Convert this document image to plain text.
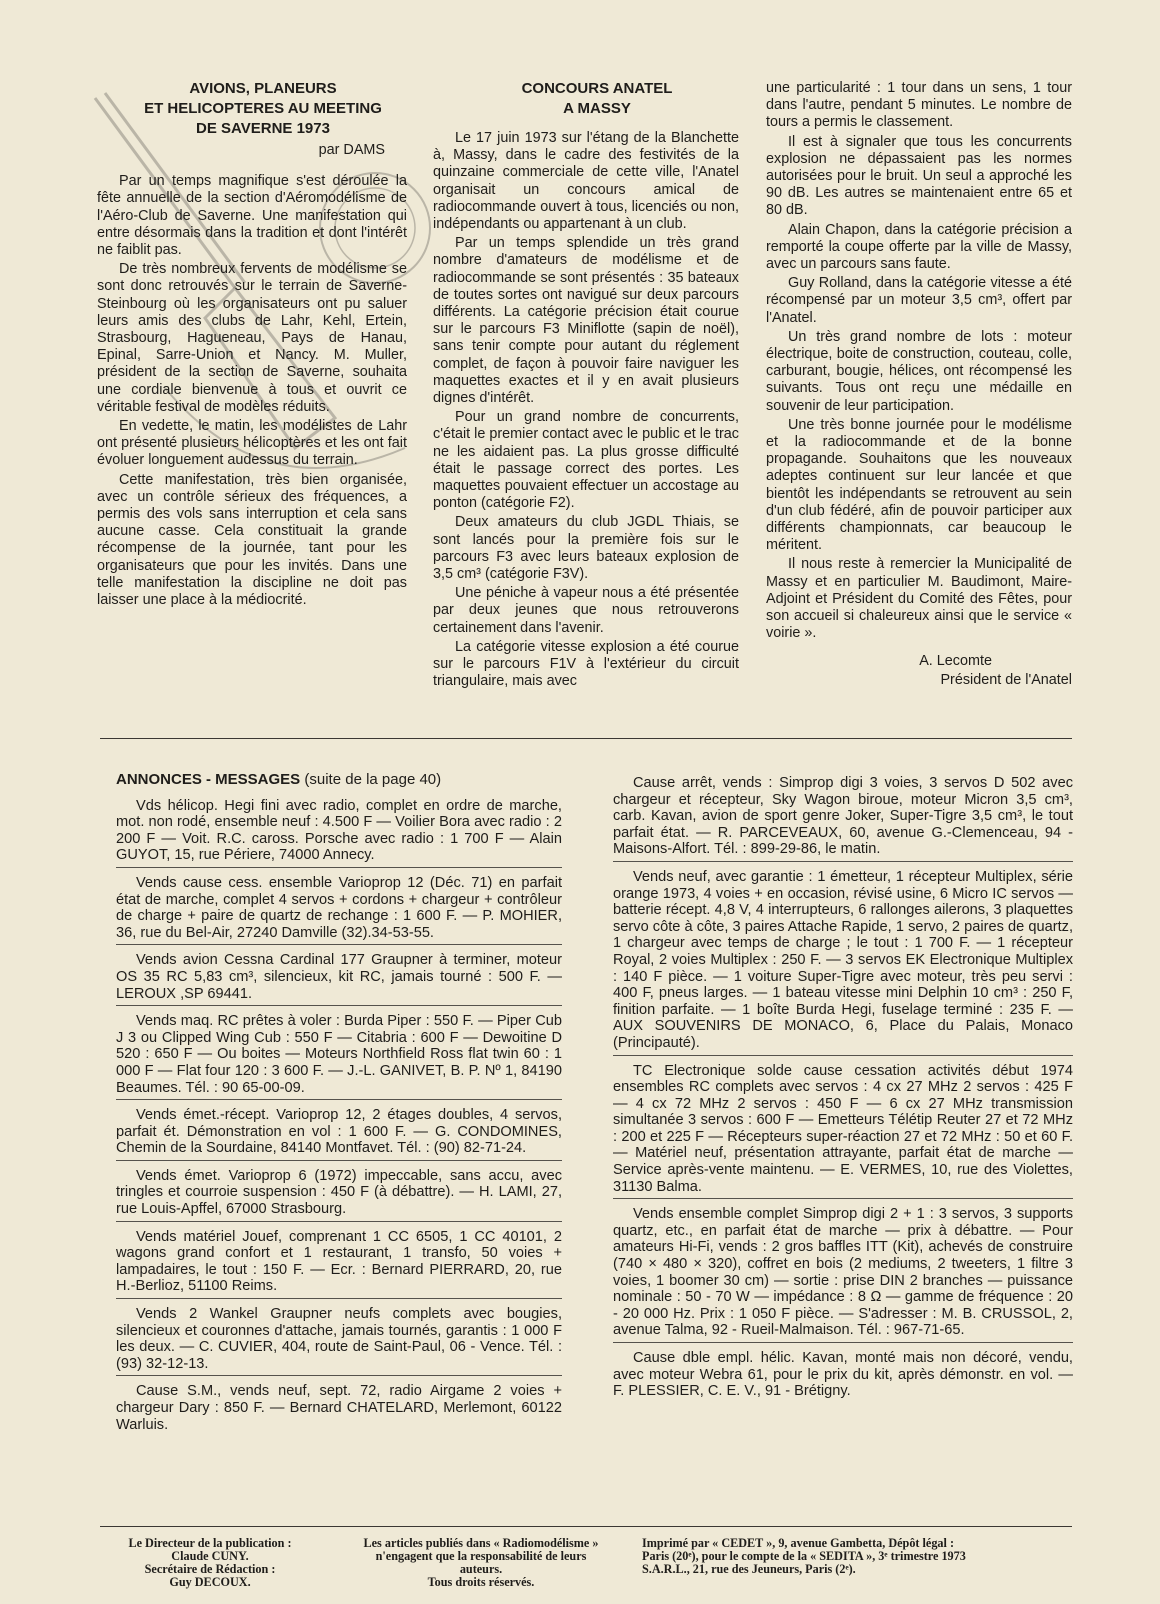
AVIONS, PLANEURS

ET HELICOPTERES AU MEETING

DE SAVERNE 1973

par DAMS

Par un temps magnifique s'est déroulée la fête annuelle de la section d'Aéromodélisme de l'Aéro-Club de Saverne. Une manifestation qui entre désormais dans la tradition et dont l'intérêt ne faiblit pas.

De très nombreux fervents de modélisme se sont donc retrouvés sur le terrain de Saverne-Steinbourg où les organisateurs ont pu saluer leurs amis des clubs de Lahr, Kehl, Ertein, Strasbourg, Hagueneau, Pays de Hanau, Epinal, Sarre-Union et Nancy. M. Muller, président de la section de Saverne, souhaita une cordiale bienvenue à tous et ouvrit ce véritable festival de modèles réduits.

En vedette, le matin, les modélistes de Lahr ont présenté plusieurs hélicoptères et les ont fait évoluer longuement audessus du terrain.

Cette manifestation, très bien organisée, avec un contrôle sérieux des fréquences, a permis des vols sans interruption et cela sans aucune casse. Cela constituait la grande récompense de la journée, tant pour les organisateurs que pour les invités. Dans une telle manifestation la discipline ne doit pas laisser une place à la médiocrité.

CONCOURS ANATEL

A MASSY

Le 17 juin 1973 sur l'étang de la Blanchette à, Massy, dans le cadre des festivités de la quinzaine commerciale de cette ville, l'Anatel organisait un concours amical de radiocommande ouvert à tous, licenciés ou non, indépendants ou appartenant à un club.

Par un temps splendide un très grand nombre d'amateurs de modélisme et de radiocommande se sont présentés : 35 bateaux de toutes sortes ont navigué sur deux parcours différents. La catégorie précision était courue sur le parcours F3 Miniflotte (sapin de noël), sans tenir compte pour autant du réglement complet, de façon à pouvoir faire naviguer les maquettes exactes et il y en avait plusieurs dignes d'intérêt.

Pour un grand nombre de concurrents, c'était le premier contact avec le public et le trac ne les aidaient pas. La plus grosse difficulté était le passage correct des portes. Les maquettes pouvaient effectuer un accostage au ponton (catégorie F2).

Deux amateurs du club JGDL Thiais, se sont lancés pour la première fois sur le parcours F3 avec leurs bateaux explosion de 3,5 cm³ (catégorie F3V).

Une péniche à vapeur nous a été présentée par deux jeunes que nous retrouverons certainement dans l'avenir.

La catégorie vitesse explosion a été courue sur le parcours F1V à l'extérieur du circuit triangulaire, mais avec

une particularité : 1 tour dans un sens, 1 tour dans l'autre, pendant 5 minutes. Le nombre de tours a permis le classement.

Il est à signaler que tous les concurrents explosion ne dépassaient pas les normes autorisées pour le bruit. Un seul a approché les 90 dB. Les autres se maintenaient entre 65 et 80 dB.

Alain Chapon, dans la catégorie précision a remporté la coupe offerte par la ville de Massy, avec un parcours sans faute.

Guy Rolland, dans la catégorie vitesse a été récompensé par un moteur 3,5 cm³, offert par l'Anatel.

Un très grand nombre de lots : moteur électrique, boite de construction, couteau, colle, carburant, bougie, hélices, ont récompensé les suivants. Tous ont reçu une médaille en souvenir de leur participation.

Une très bonne journée pour le modélisme et la radiocommande et de la bonne propagande. Souhaitons que les nouveaux adeptes continuent sur leur lancée et que bientôt les indépendants se retrouvent au sein d'un club fédéré, afin de pouvoir participer aux différents championnats, car beaucoup le méritent.

Il nous reste à remercier la Municipalité de Massy et en particulier M. Baudimont, Maire-Adjoint et Président du Comité des Fêtes, pour son accueil si chaleureux ainsi que le service « voirie ».

A. Lecomte

Président de l'Anatel

ANNONCES - MESSAGES (suite de la page 40)

Vds hélicop. Hegi fini avec radio, complet en ordre de marche, mot. non rodé, ensemble neuf : 4.500 F — Voilier Bora avec radio : 2 200 F — Voit. R.C. caross. Porsche avec radio : 1 700 F — Alain GUYOT, 15, rue Périere, 74000 Annecy.

Vends cause cess. ensemble Varioprop 12 (Déc. 71) en parfait état de marche, complet 4 servos + cordons + chargeur + contrôleur de charge + paire de quartz de rechange : 1 600 F. — P. MOHIER, 36, rue du Bel-Air, 27240 Damville (32).34-53-55.

Vends avion Cessna Cardinal 177 Graupner à terminer, moteur OS 35 RC 5,83 cm³, silencieux, kit RC, jamais tourné : 500 F. — LEROUX ,SP 69441.

Vends maq. RC prêtes à voler : Burda Piper : 550 F. — Piper Cub J 3 ou Clipped Wing Cub : 550 F — Citabria : 600 F — Dewoitine D 520 : 650 F — Ou boites — Moteurs Northfield Ross flat twin 60 : 1 000 F — Flat four 120 : 3 600 F. — J.-L. GANIVET, B. P. Nº 1, 84190 Beaumes. Tél. : 90 65-00-09.

Vends émet.-récept. Varioprop 12, 2 étages doubles, 4 servos, parfait ét. Démonstration en vol : 1 600 F. — G. CONDOMINES, Chemin de la Sourdaine, 84140 Montfavet. Tél. : (90) 82-71-24.

Vends émet. Varioprop 6 (1972) impeccable, sans accu, avec tringles et courroie suspension : 450 F (à débattre). — H. LAMI, 27, rue Louis-Apffel, 67000 Strasbourg.

Vends matériel Jouef, comprenant 1 CC 6505, 1 CC 40101, 2 wagons grand confort et 1 restaurant, 1 transfo, 50 voies + lampadaires, le tout : 150 F. — Ecr. : Bernard PIERRARD, 20, rue H.-Berlioz, 51100 Reims.

Vends 2 Wankel Graupner neufs complets avec bougies, silencieux et couronnes d'attache, jamais tournés, garantis : 1 000 F les deux. — C. CUVIER, 404, route de Saint-Paul, 06 - Vence. Tél. : (93) 32-12-13.

Cause S.M., vends neuf, sept. 72, radio Airgame 2 voies + chargeur Dary : 850 F. — Bernard CHATELARD, Merlemont, 60122 Warluis.

Cause arrêt, vends : Simprop digi 3 voies, 3 servos D 502 avec chargeur et récepteur, Sky Wagon biroue, moteur Micron 3,5 cm³, carb. Kavan, avion de sport genre Joker, Super-Tigre 3,5 cm³, le tout parfait état. — R. PARCEVEAUX, 60, avenue G.-Clemenceau, 94 - Maisons-Alfort. Tél. : 899-29-86, le matin.

Vends neuf, avec garantie : 1 émetteur, 1 récepteur Multiplex, série orange 1973, 4 voies + en occasion, révisé usine, 6 Micro IC servos — batterie récept. 4,8 V, 4 interrupteurs, 6 rallonges ailerons, 3 plaquettes servo côte à côte, 3 paires Attache Rapide, 1 servo, 2 paires de quartz, 1 chargeur avec temps de charge ; le tout : 1 700 F. — 1 récepteur Royal, 2 voies Multiplex : 250 F. — 3 servos EK Electronique Multiplex : 140 F pièce. — 1 voiture Super-Tigre avec moteur, très peu servi : 400 F, pneus larges. — 1 bateau vitesse mini Delphin 10 cm³ : 250 F, finition parfaite. — 1 boîte Burda Hegi, fuselage terminé : 235 F. — AUX SOUVENIRS DE MONACO, 6, Place du Palais, Monaco (Principauté).

TC Electronique solde cause cessation activités début 1974 ensembles RC complets avec servos : 4 cx 27 MHz 2 servos : 425 F — 4 cx 72 MHz 2 servos : 450 F — 6 cx 27 MHz transmission simultanée 3 servos : 600 F — Emetteurs Télétip Reuter 27 et 72 MHz : 200 et 225 F — Récepteurs super-réaction 27 et 72 MHz : 50 et 60 F. — Matériel neuf, présentation attrayante, parfait état de marche — Service après-vente maintenu. — E. VERMES, 10, rue des Violettes, 31130 Balma.

Vends ensemble complet Simprop digi 2 + 1 : 3 servos, 3 supports quartz, etc., en parfait état de marche — prix à débattre. — Pour amateurs Hi-Fi, vends : 2 gros baffles ITT (Kit), achevés de construire (740 × 480 × 320), coffret en bois (2 mediums, 2 tweeters, 1 filtre 3 voies, 1 boomer 30 cm) — sortie : prise DIN 2 branches — puissance nominale : 50 - 70 W — impédance : 8 Ω — gamme de fréquence : 20 - 20 000 Hz. Prix : 1 050 F pièce. — S'adresser : M. B. CRUSSOL, 2, avenue Talma, 92 - Rueil-Malmaison. Tél. : 967-71-65.

Cause dble empl. hélic. Kavan, monté mais non décoré, vendu, avec moteur Webra 61, pour le prix du kit, après démonstr. en vol. — F. PLESSIER, C. E. V., 91 - Brétigny.

Le Directeur de la publication :

Claude CUNY.

Secrétaire de Rédaction :

Guy DECOUX.

Les articles publiés dans « Radiomodélisme »

n'engagent que la responsabilité de leurs

auteurs.

Tous droits réservés.

Imprimé par « CEDET », 9, avenue Gambetta, Dépôt légal :

Paris (20ᵉ), pour le compte de la « SEDITA », 3ᵉ trimestre 1973

S.A.R.L., 21, rue des Jeuneurs, Paris (2ᵉ).
